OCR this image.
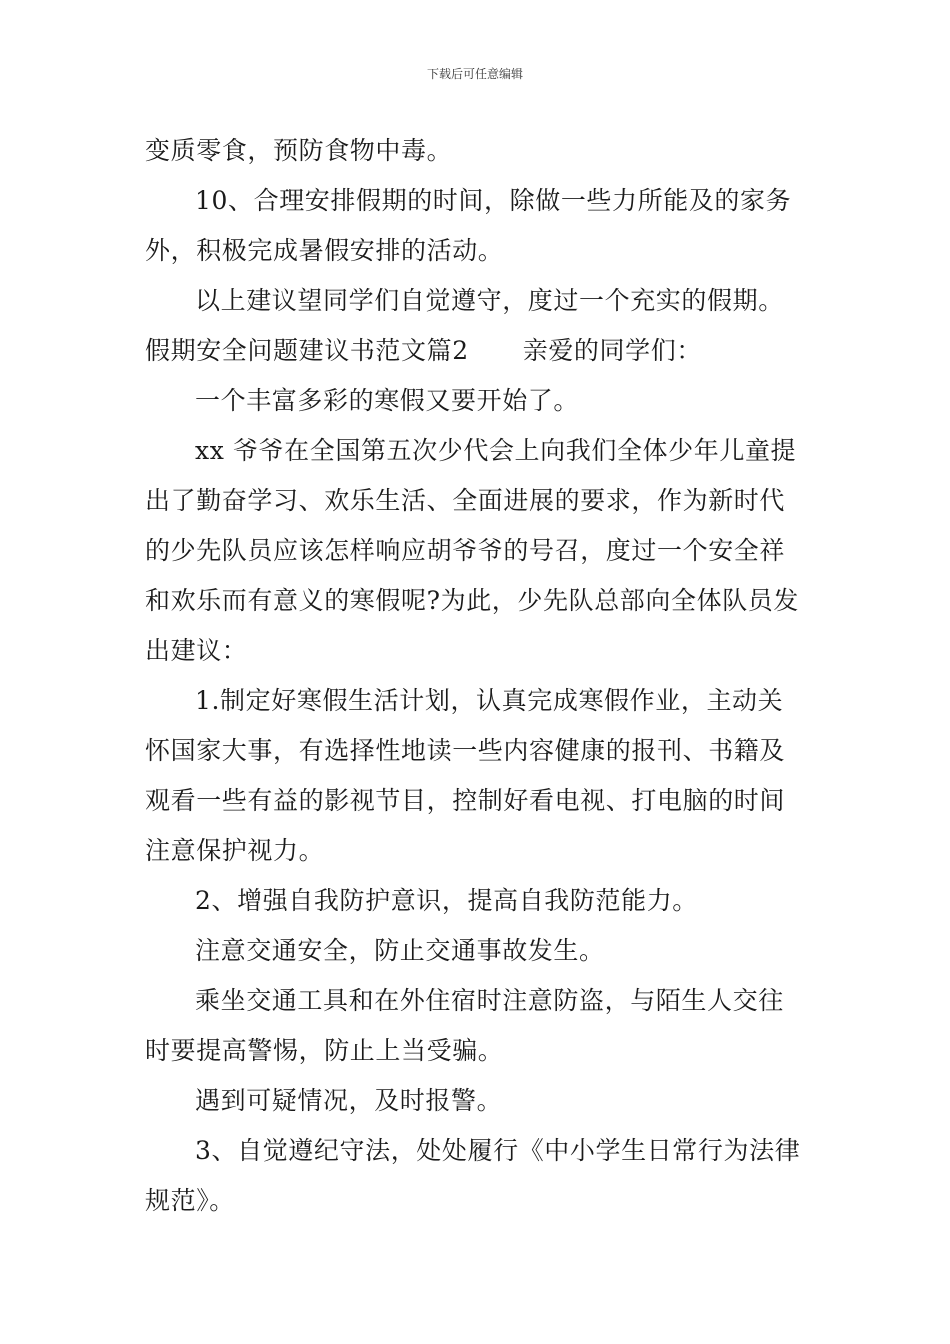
下载后可任意编辑
变质零食，预防食物中毒。
10、合理安排假期的时间，除做一些力所能及的家务
外，积极完成暑假安排的活动。
以上建议望同学们自觉遵守，度过一个充实的假期。
假期安全问题建议书范文篇2 亲爱的同学们：
一个丰富多彩的寒假又要开始了。
xx 爷爷在全国第五次少代会上向我们全体少年儿童提
出了勤奋学习、欢乐生活、全面进展的要求，作为新时代
的少先队员应该怎样响应胡爷爷的号召，度过一个安全祥
和欢乐而有意义的寒假呢?为此，少先队总部向全体队员发
出建议：
1.制定好寒假生活计划，认真完成寒假作业，主动关
怀国家大事，有选择性地读一些内容健康的报刊、书籍及
观看一些有益的影视节目，控制好看电视、打电脑的时间
注意保护视力。
2、增强自我防护意识，提高自我防范能力。
注意交通安全，防止交通事故发生。
乘坐交通工具和在外住宿时注意防盗，与陌生人交往
时要提高警惕，防止上当受骗。
遇到可疑情况，及时报警。
3、自觉遵纪守法，处处履行《中小学生日常行为法律
规范》。
